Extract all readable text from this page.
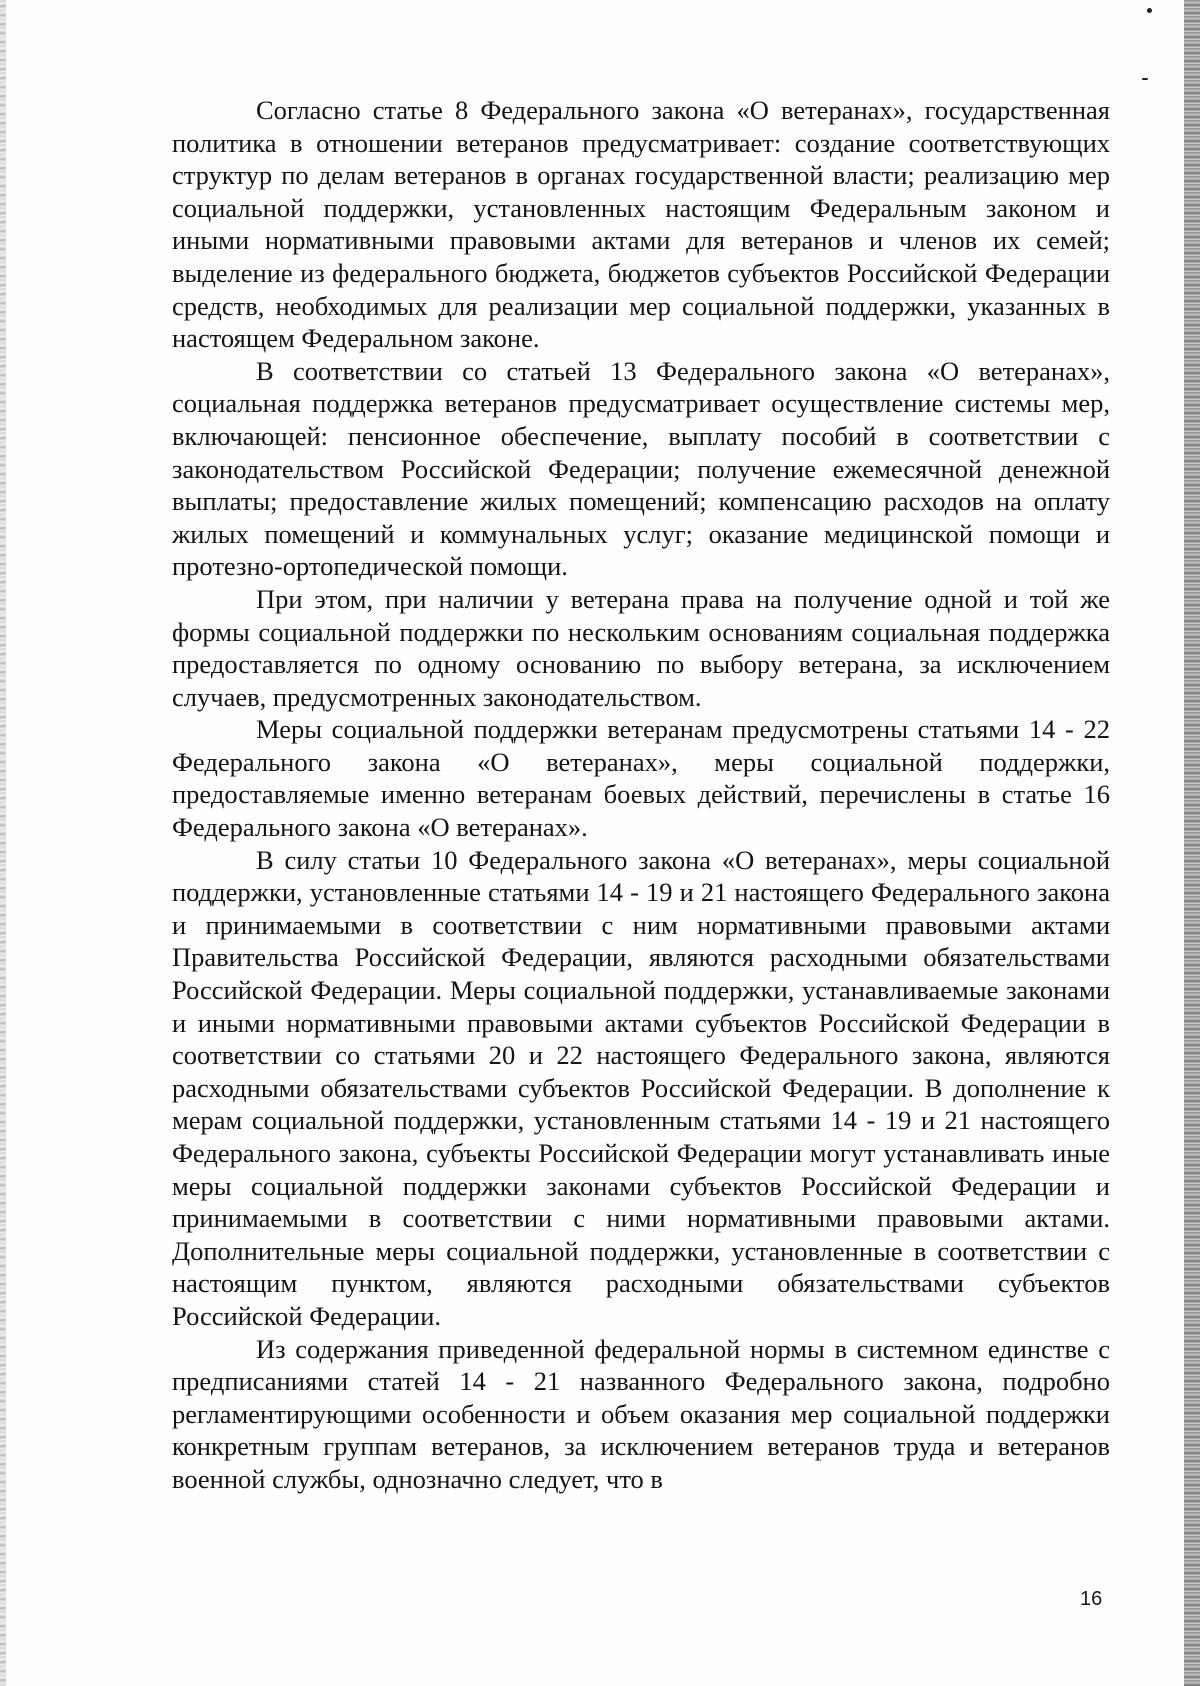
Согласно статье 8 Федерального закона «О ветеранах», государственная политика в отношении ветеранов предусматривает: создание соответствующих структур по делам ветеранов в органах государственной власти; реализацию мер социальной поддержки, установленных настоящим Федеральным законом и иными нормативными правовыми актами для ветеранов и членов их семей; выделение из федерального бюджета, бюджетов субъектов Российской Федерации средств, необходимых для реализации мер социальной поддержки, указанных в настоящем Федеральном законе.

В соответствии со статьей 13 Федерального закона «О ветеранах», социальная поддержка ветеранов предусматривает осуществление системы мер, включающей: пенсионное обеспечение, выплату пособий в соответствии с законодательством Российской Федерации; получение ежемесячной денежной выплаты; предоставление жилых помещений; компенсацию расходов на оплату жилых помещений и коммунальных услуг; оказание медицинской помощи и протезно-ортопедической помощи.

При этом, при наличии у ветерана права на получение одной и той же формы социальной поддержки по нескольким основаниям социальная поддержка предоставляется по одному основанию по выбору ветерана, за исключением случаев, предусмотренных законодательством.

Меры социальной поддержки ветеранам предусмотрены статьями 14 - 22 Федерального закона «О ветеранах», меры социальной поддержки, предоставляемые именно ветеранам боевых действий, перечислены в статье 16 Федерального закона «О ветеранах».

В силу статьи 10 Федерального закона «О ветеранах», меры социальной поддержки, установленные статьями 14 - 19 и 21 настоящего Федерального закона и принимаемыми в соответствии с ним нормативными правовыми актами Правительства Российской Федерации, являются расходными обязательствами Российской Федерации. Меры социальной поддержки, устанавливаемые законами и иными нормативными правовыми актами субъектов Российской Федерации в соответствии со статьями 20 и 22 настоящего Федерального закона, являются расходными обязательствами субъектов Российской Федерации. В дополнение к мерам социальной поддержки, установленным статьями 14 - 19 и 21 настоящего Федерального закона, субъекты Российской Федерации могут устанавливать иные меры социальной поддержки законами субъектов Российской Федерации и принимаемыми в соответствии с ними нормативными правовыми актами. Дополнительные меры социальной поддержки, установленные в соответствии с настоящим пунктом, являются расходными обязательствами субъектов Российской Федерации.

Из содержания приведенной федеральной нормы в системном единстве с предписаниями статей 14 - 21 названного Федерального закона, подробно регламентирующими особенности и объем оказания мер социальной поддержки конкретным группам ветеранов, за исключением ветеранов труда и ветеранов военной службы, однозначно следует, что в

16
